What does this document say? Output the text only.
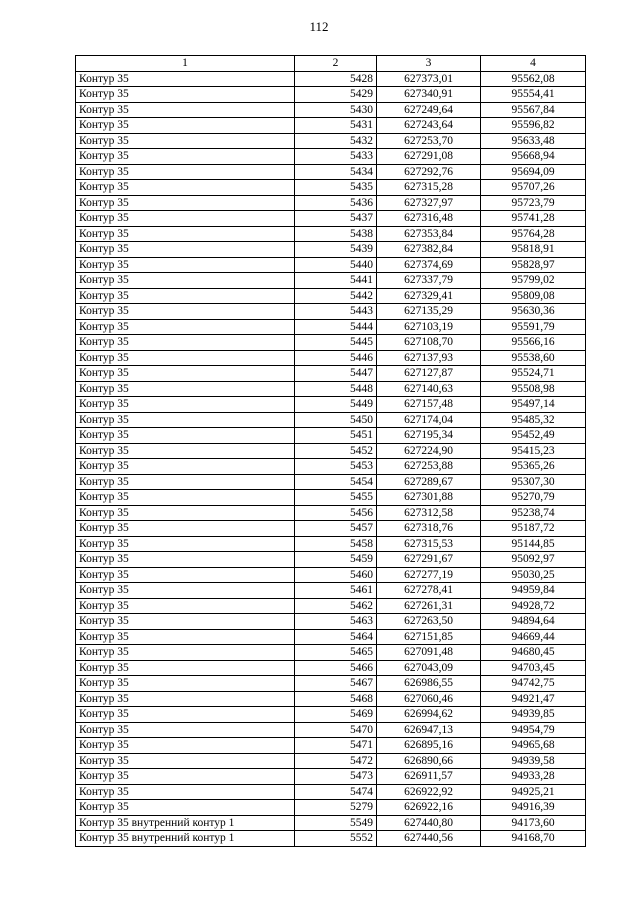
112
1	2	3	4
Контур 35	5428	627373,01	95562,08
Контур 35	5429	627340,91	95554,41
Контур 35	5430	627249,64	95567,84
Контур 35	5431	627243,64	95596,82
Контур 35	5432	627253,70	95633,48
Контур 35	5433	627291,08	95668,94
Контур 35	5434	627292,76	95694,09
Контур 35	5435	627315,28	95707,26
Контур 35	5436	627327,97	95723,79
Контур 35	5437	627316,48	95741,28
Контур 35	5438	627353,84	95764,28
Контур 35	5439	627382,84	95818,91
Контур 35	5440	627374,69	95828,97
Контур 35	5441	627337,79	95799,02
Контур 35	5442	627329,41	95809,08
Контур 35	5443	627135,29	95630,36
Контур 35	5444	627103,19	95591,79
Контур 35	5445	627108,70	95566,16
Контур 35	5446	627137,93	95538,60
Контур 35	5447	627127,87	95524,71
Контур 35	5448	627140,63	95508,98
Контур 35	5449	627157,48	95497,14
Контур 35	5450	627174,04	95485,32
Контур 35	5451	627195,34	95452,49
Контур 35	5452	627224,90	95415,23
Контур 35	5453	627253,88	95365,26
Контур 35	5454	627289,67	95307,30
Контур 35	5455	627301,88	95270,79
Контур 35	5456	627312,58	95238,74
Контур 35	5457	627318,76	95187,72
Контур 35	5458	627315,53	95144,85
Контур 35	5459	627291,67	95092,97
Контур 35	5460	627277,19	95030,25
Контур 35	5461	627278,41	94959,84
Контур 35	5462	627261,31	94928,72
Контур 35	5463	627263,50	94894,64
Контур 35	5464	627151,85	94669,44
Контур 35	5465	627091,48	94680,45
Контур 35	5466	627043,09	94703,45
Контур 35	5467	626986,55	94742,75
Контур 35	5468	627060,46	94921,47
Контур 35	5469	626994,62	94939,85
Контур 35	5470	626947,13	94954,79
Контур 35	5471	626895,16	94965,68
Контур 35	5472	626890,66	94939,58
Контур 35	5473	626911,57	94933,28
Контур 35	5474	626922,92	94925,21
Контур 35	5279	626922,16	94916,39
Контур 35 внутренний контур 1	5549	627440,80	94173,60
Контур 35 внутренний контур 1	5552	627440,56	94168,70
